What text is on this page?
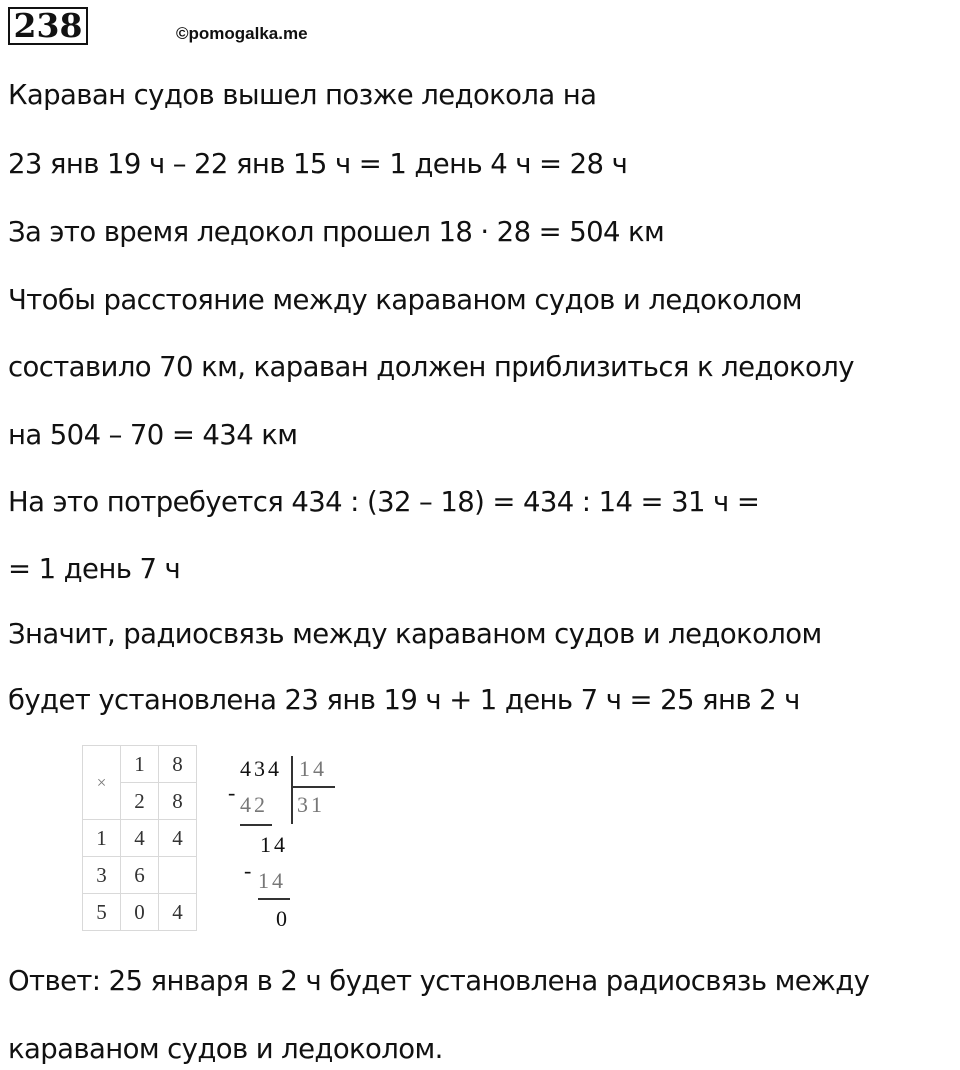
238	©pomogalka.me
Караван судов вышел позже ледокола на
23 янв 19 ч – 22 янв 15 ч = 1 день 4 ч = 28 ч
За это время ледокол прошел 18 · 28 = 504 км
Чтобы расстояние между караваном судов и ледоколом
составило 70 км, караван должен приблизиться к ледоколу
на 504 – 70 = 434 км
На это потребуется 434 : (32 – 18) = 434 : 14 = 31 ч =
= 1 день 7 ч
Значит, радиосвязь между караваном судов и ледоколом
будет установлена 23 янв 19 ч + 1 день 7 ч = 25 янв 2 ч
×	1	8
	2	8
1	4	4
3	6	
5	0	4
434 14
- 42 31
14
- 14
0
Ответ: 25 января в 2 ч будет установлена радиосвязь между
караваном судов и ледоколом.
